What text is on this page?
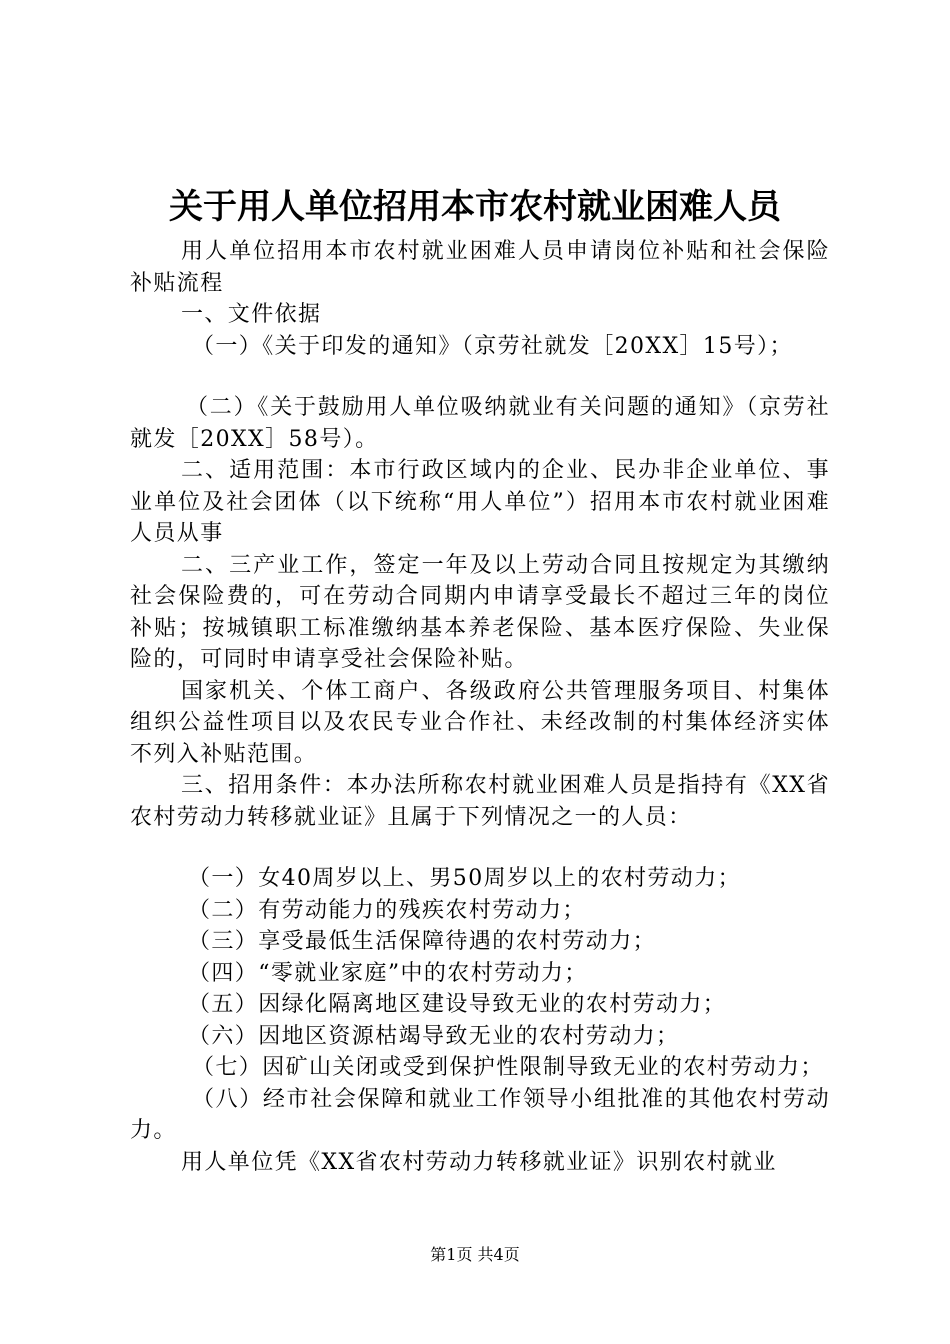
关于用人单位招用本市农村就业困难人员

用人单位招用本市农村就业困难人员申请岗位补贴和社会保险补贴流程

一、文件依据

（一）《关于印发的通知》（京劳社就发［20XX］15号）；

（二）《关于鼓励用人单位吸纳就业有关问题的通知》（京劳社就发［20XX］58号）。

二、适用范围：本市行政区域内的企业、民办非企业单位、事业单位及社会团体（以下统称“用人单位”）招用本市农村就业困难人员从事

二、三产业工作，签定一年及以上劳动合同且按规定为其缴纳社会保险费的，可在劳动合同期内申请享受最长不超过三年的岗位补贴；按城镇职工标准缴纳基本养老保险、基本医疗保险、失业保险的，可同时申请享受社会保险补贴。

国家机关、个体工商户、各级政府公共管理服务项目、村集体组织公益性项目以及农民专业合作社、未经改制的村集体经济实体不列入补贴范围。

三、招用条件：本办法所称农村就业困难人员是指持有《XX省农村劳动力转移就业证》且属于下列情况之一的人员：

（一）女40周岁以上、男50周岁以上的农村劳动力；

（二）有劳动能力的残疾农村劳动力；

（三）享受最低生活保障待遇的农村劳动力；

（四）“零就业家庭”中的农村劳动力；

（五）因绿化隔离地区建设导致无业的农村劳动力；

（六）因地区资源枯竭导致无业的农村劳动力；

（七）因矿山关闭或受到保护性限制导致无业的农村劳动力；

（八）经市社会保障和就业工作领导小组批准的其他农村劳动力。

用人单位凭《XX省农村劳动力转移就业证》识别农村就业

第1页 共4页
